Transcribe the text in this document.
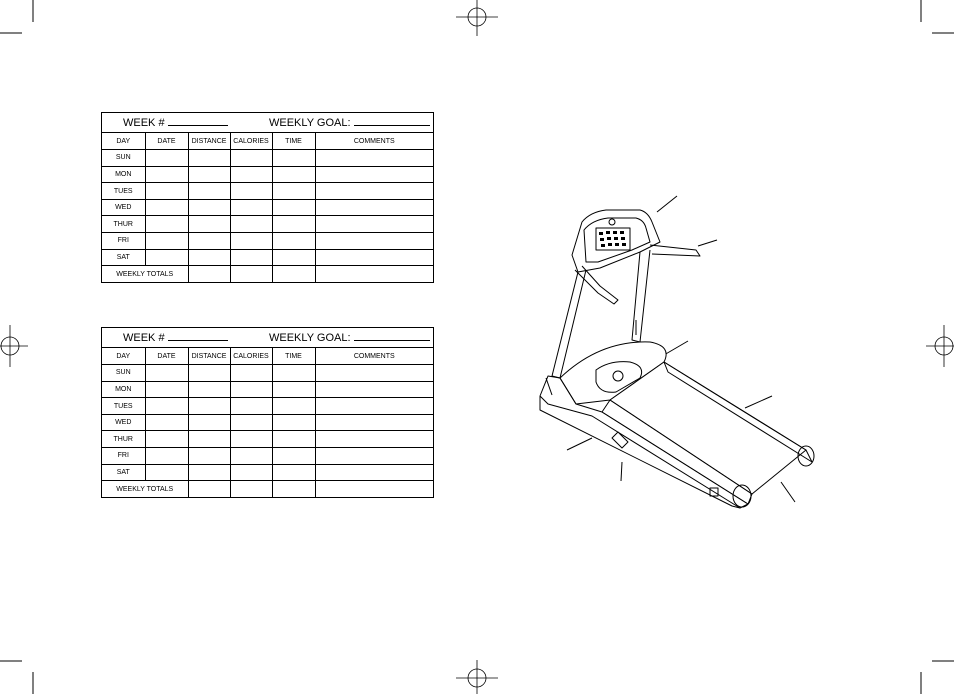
WEEK #	WEEKLY GOAL:
DAY	DATE	DISTANCE	CALORIES	TIME	COMMENTS
SUN					
MON					
TUES					
WED					
THUR					
FRI					
SAT					
WEEKLY TOTALS					
WEEK #	WEEKLY GOAL:
DAY	DATE	DISTANCE	CALORIES	TIME	COMMENTS
SUN					
MON					
TUES					
WED					
THUR					
FRI					
SAT					
WEEKLY TOTALS					
